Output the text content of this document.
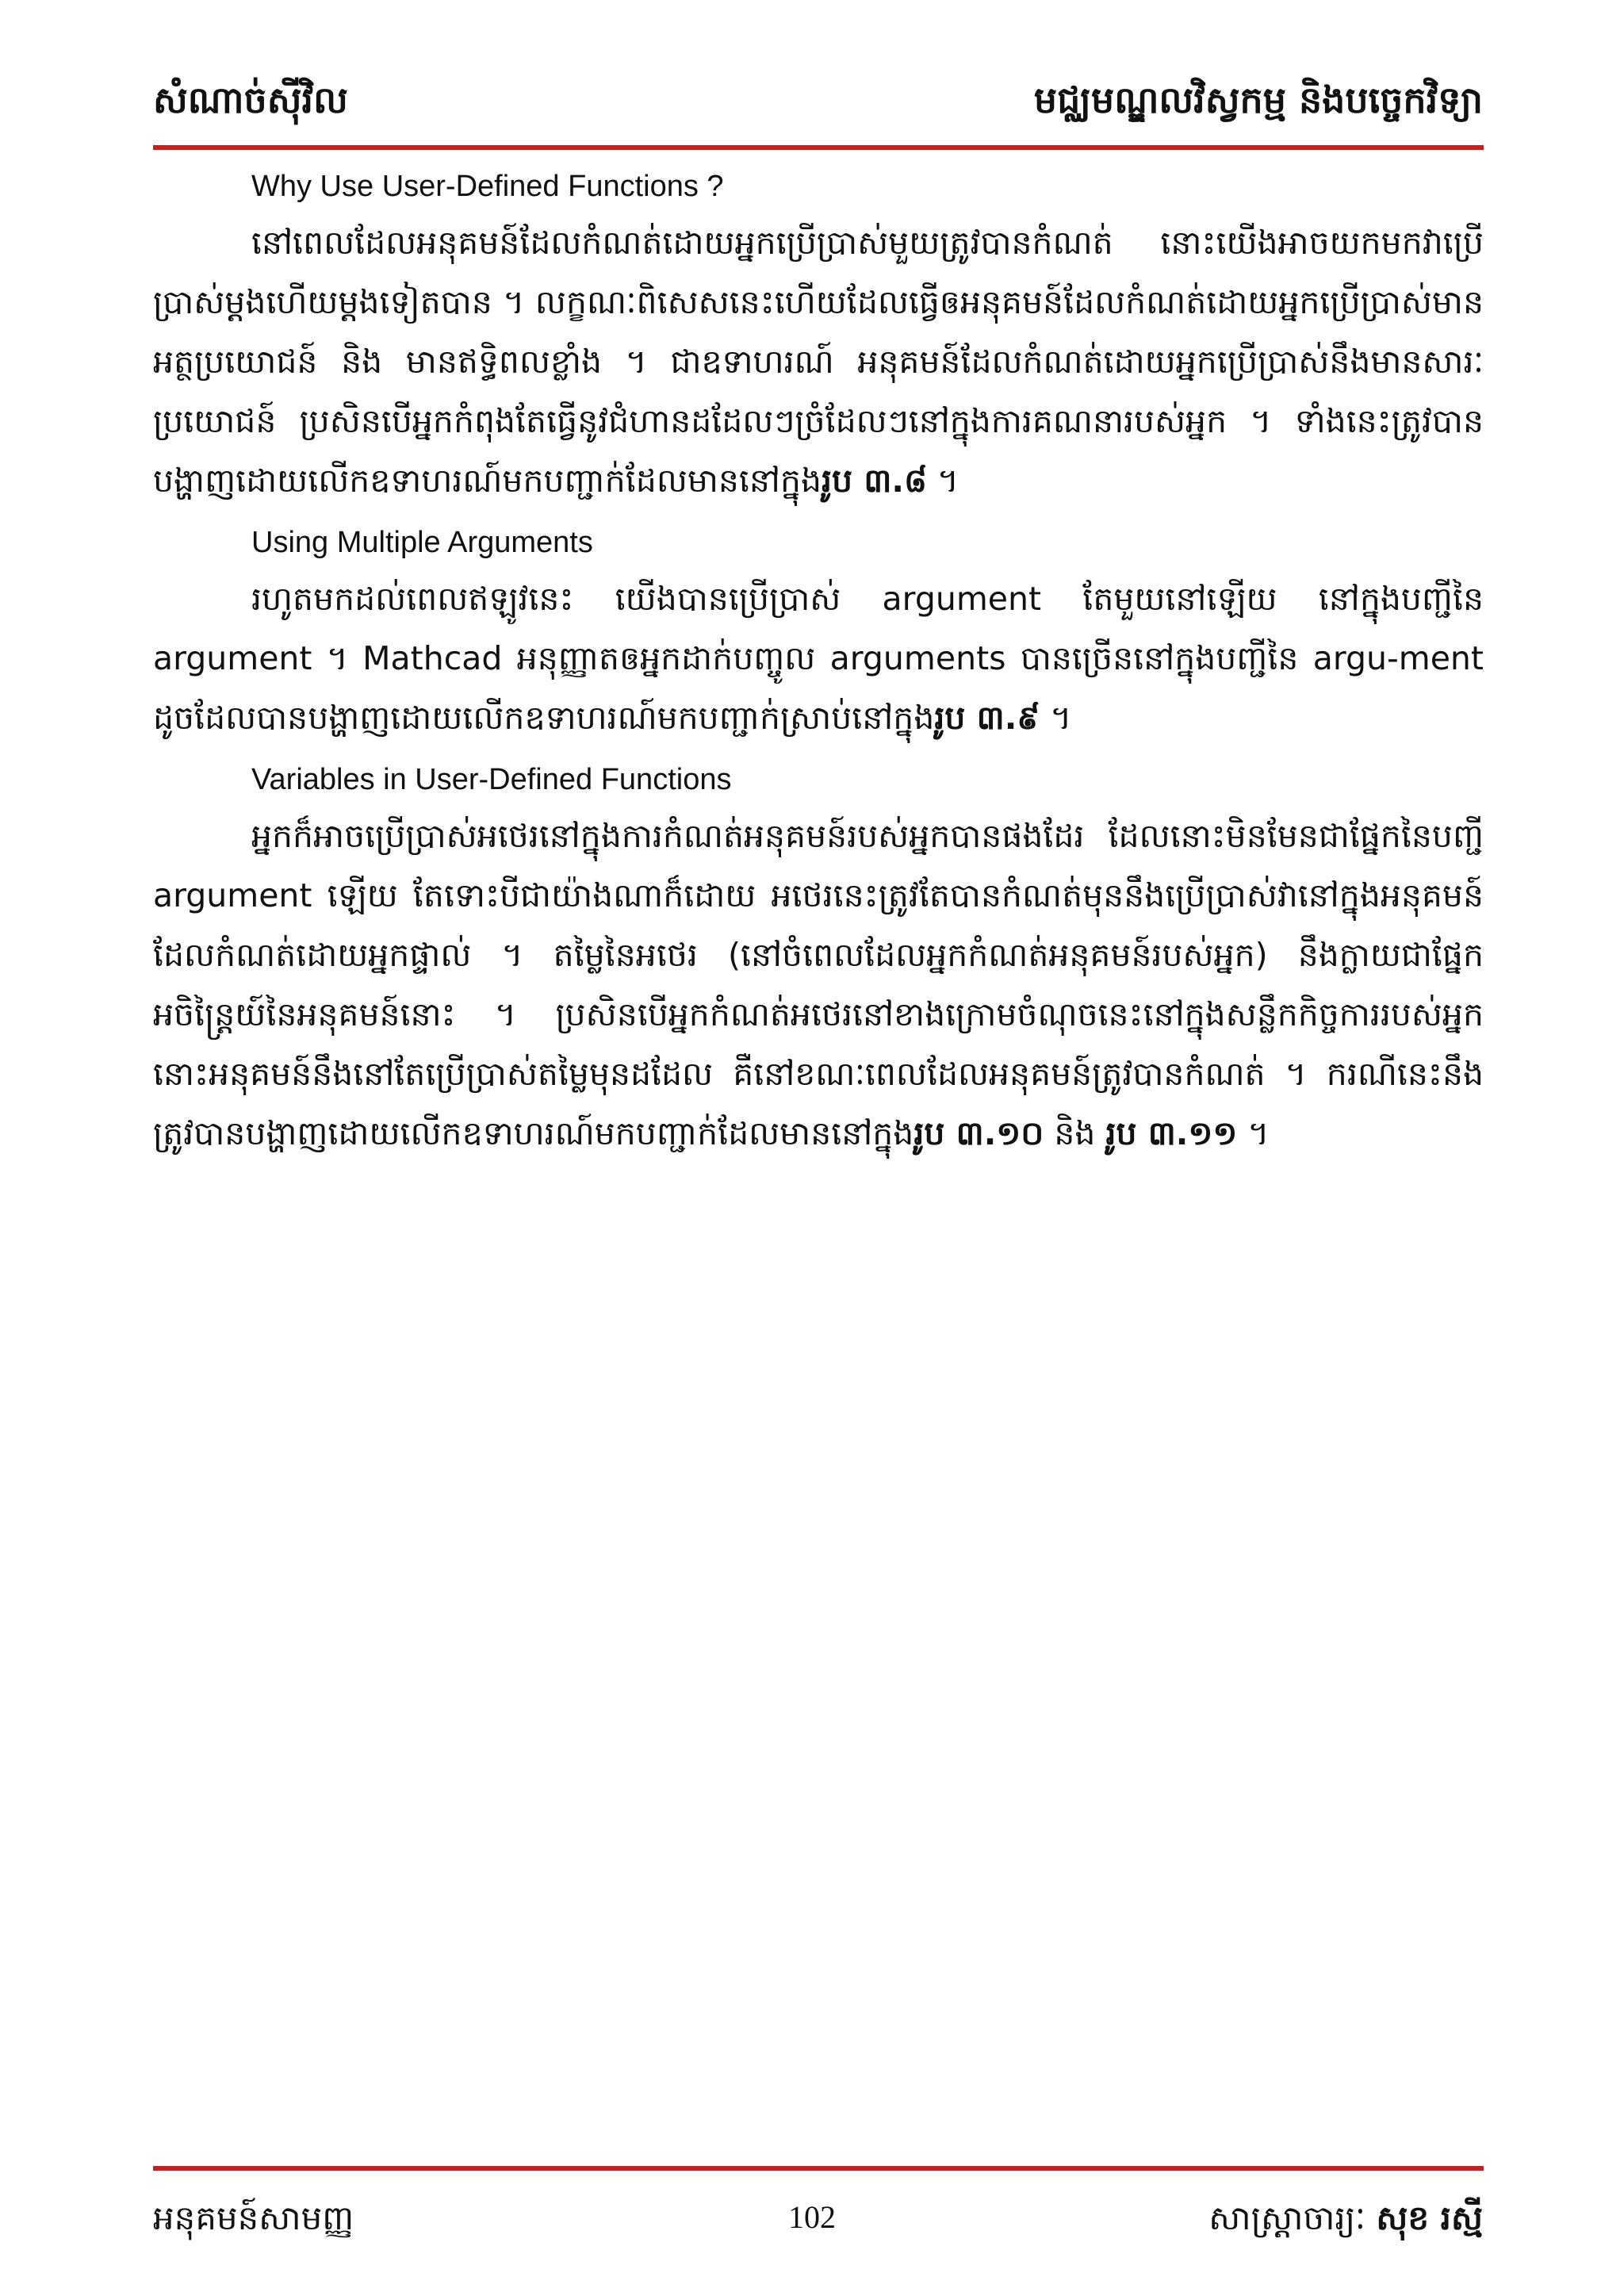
សំណាច់ស៊ីវិល	មជ្ឈមណ្ឌលវិស្វកម្ម និងបច្ចេកវិទ្យា
Why Use User-Defined Functions ?

នៅពេលដែលអនុគមន៍ដែលកំណត់ដោយអ្នកប្រើប្រាស់មួយត្រូវបានកំណត់ នោះយើងអាចយកមកវាប្រើប្រាស់ម្ដងហើយម្ដងទៀតបាន ។ លក្ខណៈពិសេសនេះហើយដែលធ្វើឲអនុគមន៍ដែលកំណត់ដោយអ្នកប្រើប្រាស់មានអត្ថប្រយោជន៍ និង មានឥទ្ធិពលខ្លាំង ។ ជាឧទាហរណ៍ អនុគមន៍ដែលកំណត់ដោយអ្នកប្រើប្រាស់នឹងមានសារៈប្រយោជន៍ ប្រសិនបើអ្នកកំពុងតែធ្វើនូវជំហានដដែលៗច្រំដែលៗនៅក្នុងការគណនារបស់អ្នក ។ ទាំងនេះត្រូវបានបង្ហាញដោយលើកឧទាហរណ៍មកបញ្ជាក់ដែលមាននៅក្នុងរូប ៣.៨ ។

Using Multiple Arguments

រហូតមកដល់ពេលឥឡូវនេះ យើងបានប្រើប្រាស់ argument តែមួយនៅឡើយ នៅក្នុងបញ្ជីនៃ argument ។ Mathcad អនុញ្ញាតឲអ្នកដាក់បញ្ចូល arguments បានច្រើននៅក្នុងបញ្ជីនៃ argu-ment ដូចដែលបានបង្ហាញដោយលើកឧទាហរណ៍មកបញ្ជាក់ស្រាប់នៅក្នុងរូប ៣.៩ ។

Variables in User-Defined Functions

អ្នកក៏អាចប្រើប្រាស់អថេរនៅក្នុងការកំណត់អនុគមន៍របស់អ្នកបានផងដែរ ដែលនោះមិនមែនជាផ្នែកនៃបញ្ជី argument ឡើយ តែទោះបីជាយ៉ាងណាក៏ដោយ អថេរនេះត្រូវតែបានកំណត់មុននឹងប្រើប្រាស់វានៅក្នុងអនុគមន៍ដែលកំណត់ដោយអ្នកផ្ទាល់ ។ តម្លៃនៃអថេរ (នៅចំពេលដែលអ្នកកំណត់អនុគមន៍របស់អ្នក) នឹងក្លាយជាផ្នែកអចិន្ត្រៃយ៍នៃអនុគមន៍នោះ ។ ប្រសិនបើអ្នកកំណត់អថេរនៅខាងក្រោមចំណុចនេះនៅក្នុងសន្លឹកកិច្ចការរបស់អ្នក នោះអនុគមន៍នឹងនៅតែប្រើប្រាស់តម្លៃមុនដដែល គឺនៅខណៈពេលដែលអនុគមន៍ត្រូវបានកំណត់ ។ ករណីនេះនឹងត្រូវបានបង្ហាញដោយលើកឧទាហរណ៍មកបញ្ជាក់ដែលមាននៅក្នុងរូប ៣.១០ និង រូប ៣.១១ ។

អនុគមន៍សាមញ្ញ	102	សាស្ត្រាចារ្យៈ សុខ រស្មី
